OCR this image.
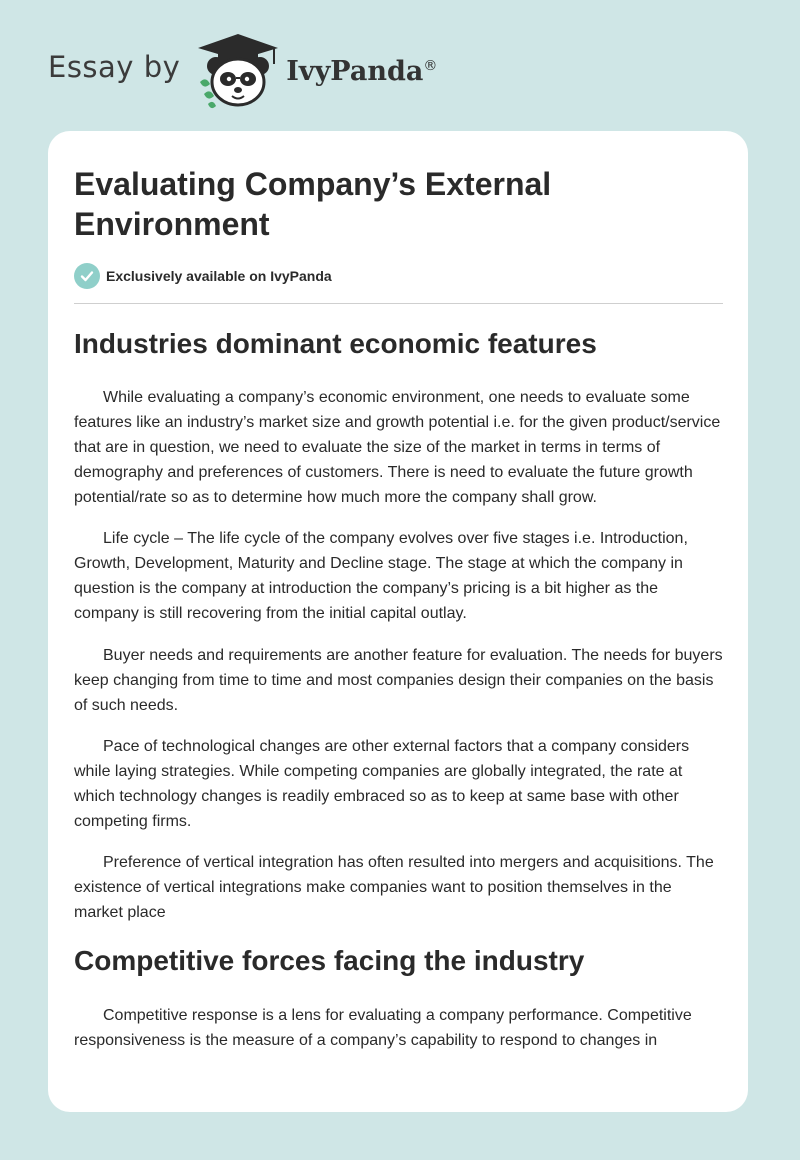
Essay by	IvyPanda®
Evaluating Company’s External Environment
Exclusively available on IvyPanda
Industries dominant economic features

While evaluating a company’s economic environment, one needs to evaluate some features like an industry’s market size and growth potential i.e. for the given product/service that are in question, we need to evaluate the size of the market in terms in terms of demography and preferences of customers. There is need to evaluate the future growth potential/rate so as to determine how much more the company shall grow.

Life cycle – The life cycle of the company evolves over five stages i.e. Introduction, Growth, Development, Maturity and Decline stage. The stage at which the company in question is the company at introduction the company’s pricing is a bit higher as the company is still recovering from the initial capital outlay.

Buyer needs and requirements are another feature for evaluation. The needs for buyers keep changing from time to time and most companies design their companies on the basis of such needs.

Pace of technological changes are other external factors that a company considers while laying strategies. While competing companies are globally integrated, the rate at which technology changes is readily embraced so as to keep at same base with other competing firms.

Preference of vertical integration has often resulted into mergers and acquisitions. The existence of vertical integrations make companies want to position themselves in the market place

Competitive forces facing the industry

Competitive response is a lens for evaluating a company performance. Competitive responsiveness is the measure of a company’s capability to respond to changes in
